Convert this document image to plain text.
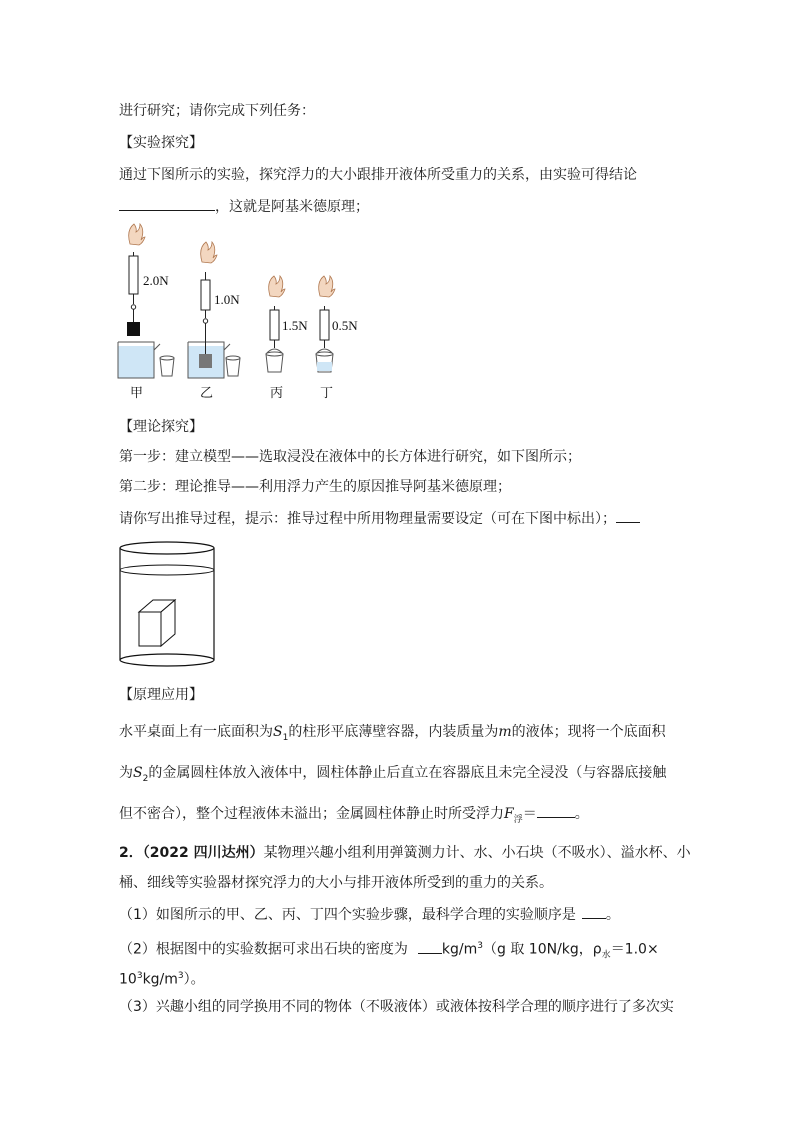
进行研究；请你完成下列任务：
【实验探究】
通过下图所示的实验，探究浮力的大小跟排开液体所受重力的关系，由实验可得结论
，这就是阿基米德原理；
2.0N
甲
1.0N
乙
1.5N
丙
0.5N
丁
【理论探究】
第一步：建立模型——选取浸没在液体中的长方体进行研究，如下图所示；
第二步：理论推导——利用浮力产生的原因推导阿基米德原理；
请你写出推导过程，提示：推导过程中所用物理量需要设定（可在下图中标出）；
【原理应用】
水平桌面上有一底面积为$S_1$的柱形平底薄壁容器，内装质量为m的液体；现将一个底面积
为$S_2$的金属圆柱体放入液体中，圆柱体静止后直立在容器底且未完全浸没（与容器底接触
但不密合），整个过程液体未溢出；金属圆柱体静止时所受浮力$F_浮=$	。
2．（2022 四川达州）某物理兴趣小组利用弹簧测力计、水、小石块（不吸水）、溢水杯、小
桶、细线等实验器材探究浮力的大小与排开液体所受到的重力的关系。
（1）如图所示的甲、乙、丙、丁四个实验步骤，最科学合理的实验顺序是 。
（2）根据图中的实验数据可求出石块的密度为 $kg/m^3(g$ 取 10N/kg，$\rho_水=1.0\times$
$10^3kg/m^3$）。
（3）兴趣小组的同学换用不同的物体（不吸液体）或液体按科学合理的顺序进行了多次实
